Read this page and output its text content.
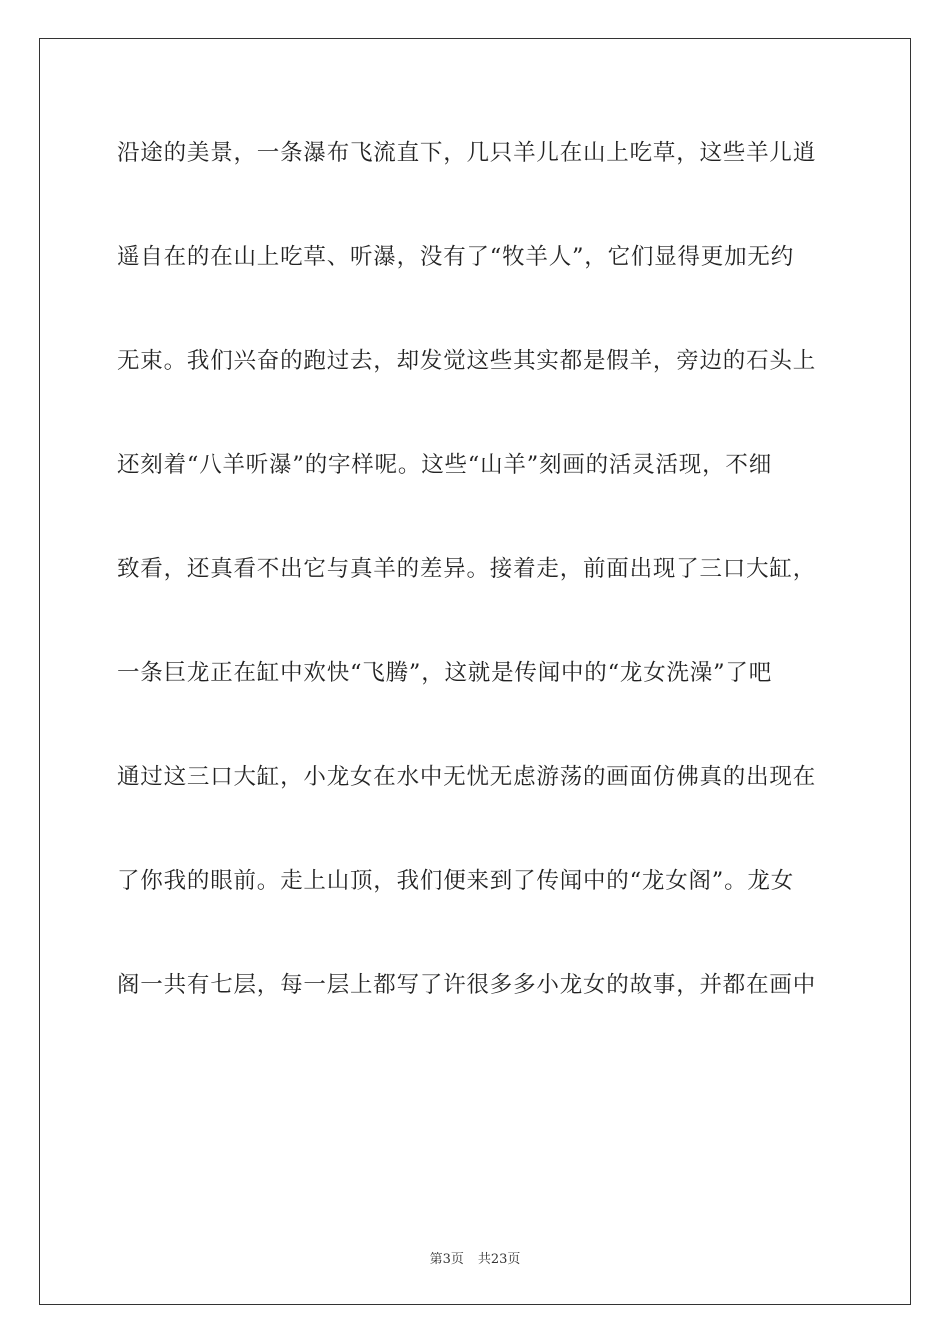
沿途的美景，一条瀑布飞流直下，几只羊儿在山上吃草，这些羊儿逍
遥自在的在山上吃草、听瀑，没有了“牧羊人”，它们显得更加无约
无束。我们兴奋的跑过去，却发觉这些其实都是假羊，旁边的石头上
还刻着“八羊听瀑”的字样呢。这些“山羊”刻画的活灵活现，不细
致看，还真看不出它与真羊的差异。接着走，前面出现了三口大缸，
一条巨龙正在缸中欢快“飞腾”，这就是传闻中的“龙女洗澡”了吧
通过这三口大缸，小龙女在水中无忧无虑游荡的画面仿佛真的出现在
了你我的眼前。走上山顶，我们便来到了传闻中的“龙女阁”。龙女
阁一共有七层，每一层上都写了许很多多小龙女的故事，并都在画中
第3页 共23页
